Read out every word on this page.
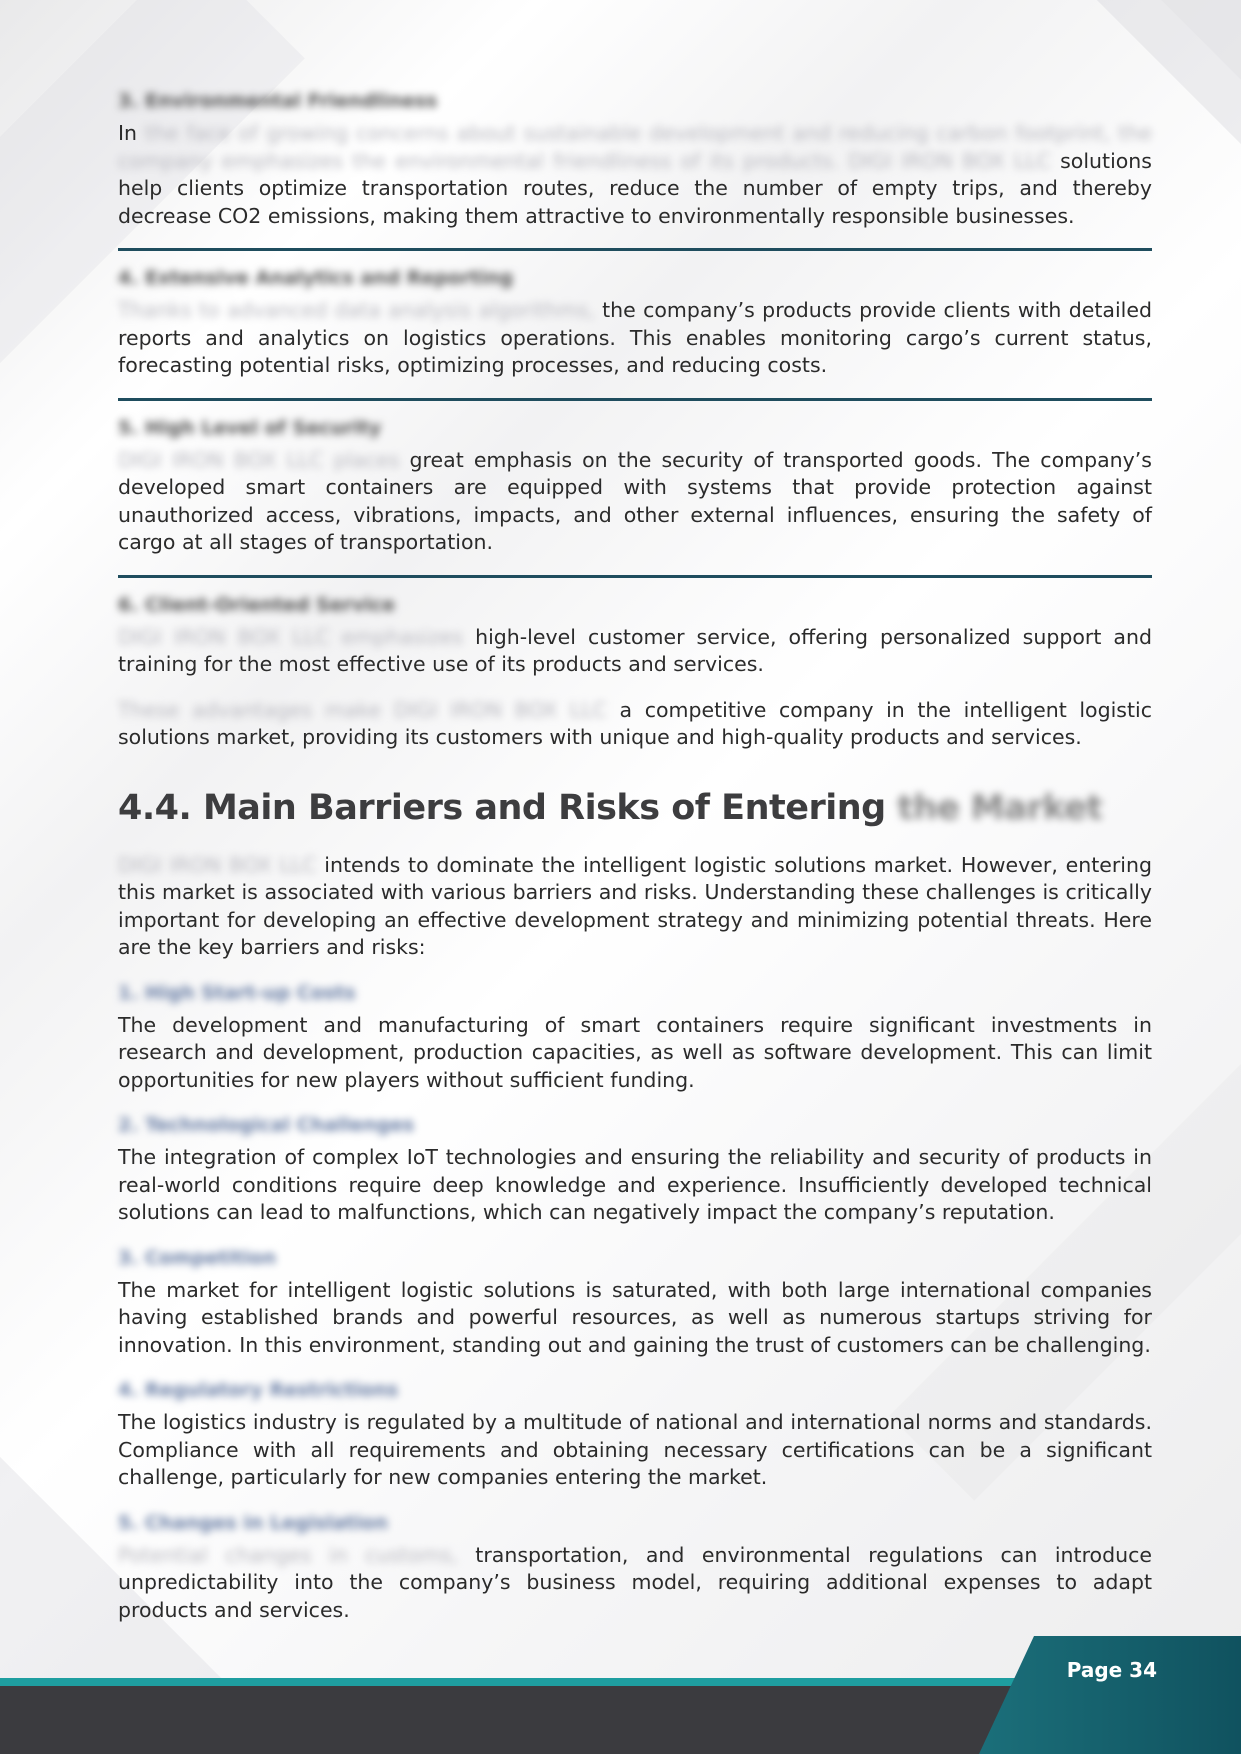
3. Environmental Friendliness

In the face of growing concerns about sustainable development and reducing carbon footprint, the company emphasizes the environmental friendliness of its products. DIGI IRON BOX LLC solutions help clients optimize transportation routes, reduce the number of empty trips, and thereby decrease CO2 emissions, making them attractive to environmentally responsible businesses.

4. Extensive Analytics and Reporting

Thanks to advanced data analysis algorithms, the company’s products provide clients with detailed reports and analytics on logistics operations. This enables monitoring cargo’s current status, forecasting potential risks, optimizing processes, and reducing costs.

5. High Level of Security

DIGI IRON BOX LLC places great emphasis on the security of transported goods. The company’s developed smart containers are equipped with systems that provide protection against unauthorized access, vibrations, impacts, and other external influences, ensuring the safety of cargo at all stages of transportation.

6. Client-Oriented Service

DIGI IRON BOX LLC emphasizes high-level customer service, offering personalized support and training for the most effective use of its products and services.

These advantages make DIGI IRON BOX LLC a competitive company in the intelligent logistic solutions market, providing its customers with unique and high-quality products and services.

4.4. Main Barriers and Risks of Entering the Market

DIGI IRON BOX LLC intends to dominate the intelligent logistic solutions market. However, entering this market is associated with various barriers and risks. Understanding these challenges is critically important for developing an effective development strategy and minimizing potential threats. Here are the key barriers and risks:

1. High Start-up Costs

The development and manufacturing of smart containers require significant investments in research and development, production capacities, as well as software development. This can limit opportunities for new players without sufficient funding.

2. Technological Challenges

The integration of complex IoT technologies and ensuring the reliability and security of products in real-world conditions require deep knowledge and experience. Insufficiently developed technical solutions can lead to malfunctions, which can negatively impact the company’s reputation.

3. Competition

The market for intelligent logistic solutions is saturated, with both large international companies having established brands and powerful resources, as well as numerous startups striving for innovation. In this environment, standing out and gaining the trust of customers can be challenging.

4. Regulatory Restrictions

The logistics industry is regulated by a multitude of national and international norms and standards. Compliance with all requirements and obtaining necessary certifications can be a significant challenge, particularly for new companies entering the market.

5. Changes in Legislation

Potential changes in customs, transportation, and environmental regulations can introduce unpredictability into the company’s business model, requiring additional expenses to adapt products and services.

Page 34
